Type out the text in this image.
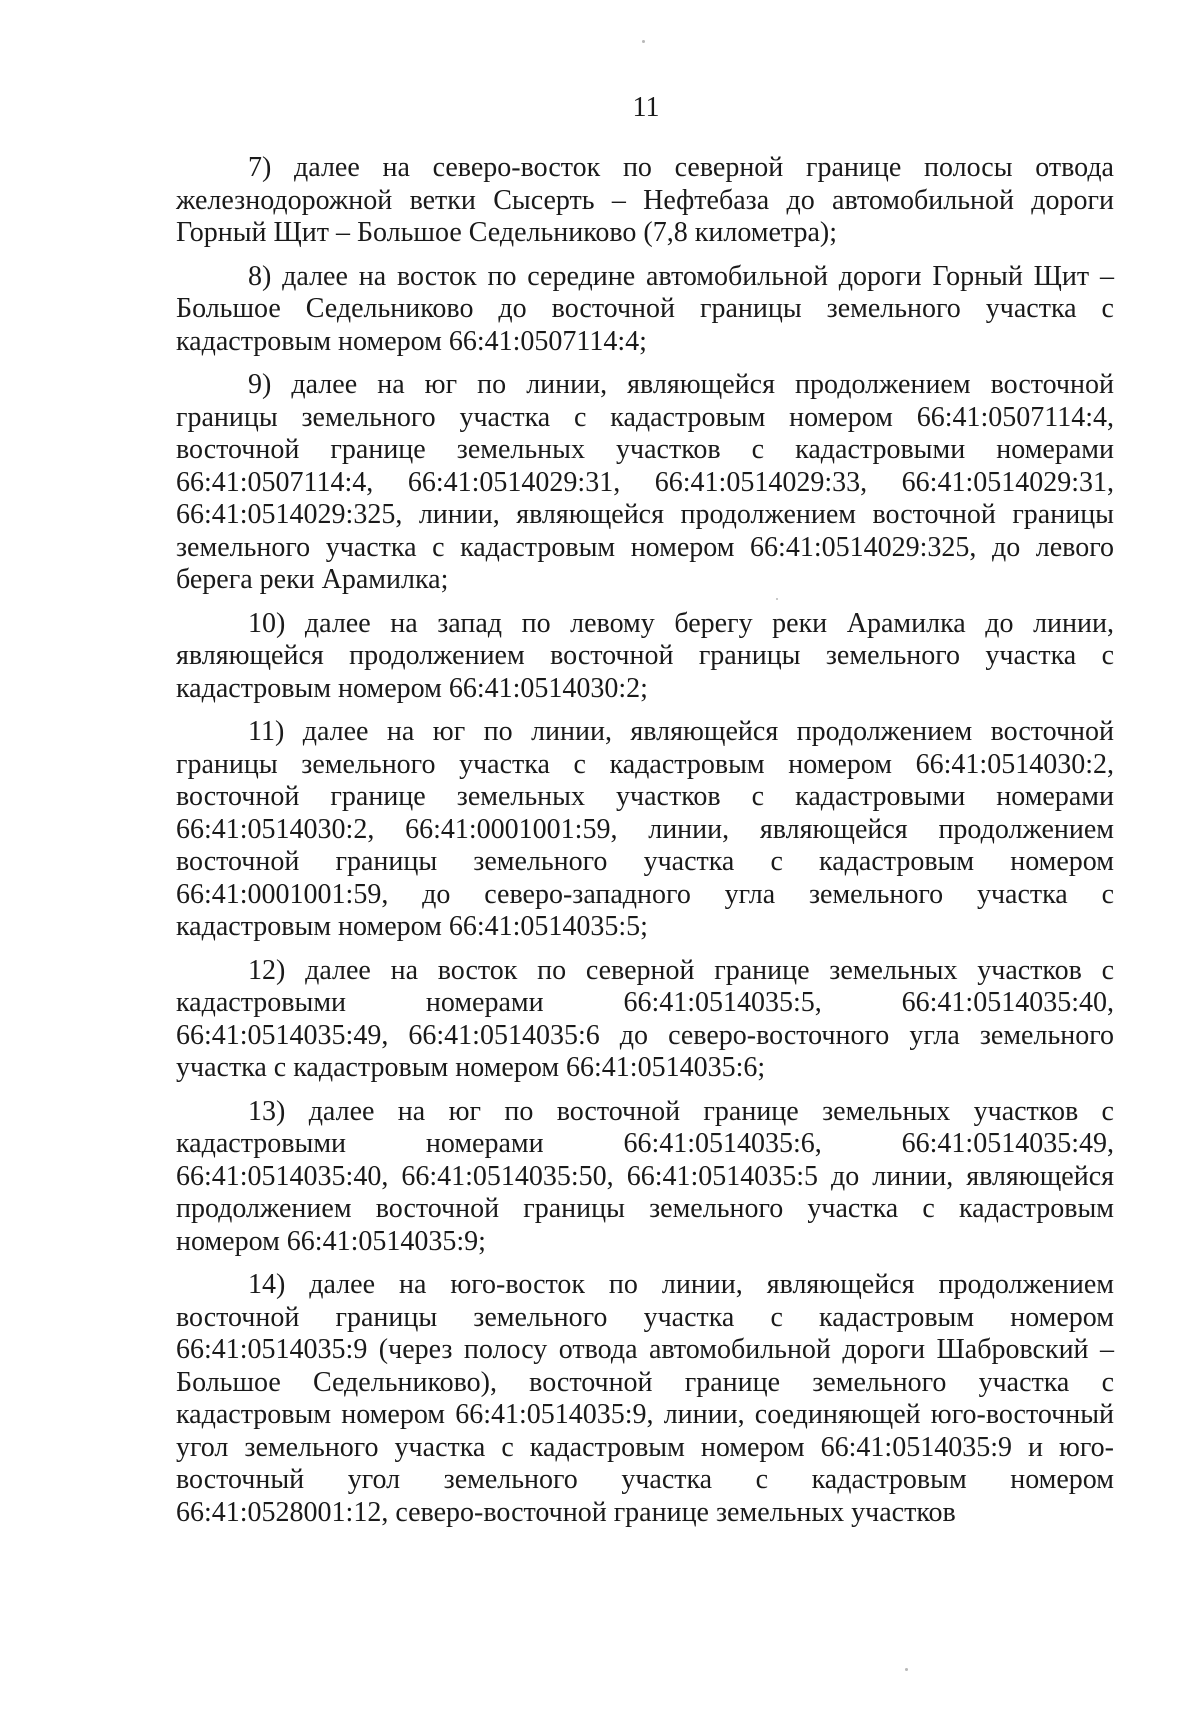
11

7) далее на северо-восток по северной границе полосы отвода железнодорожной ветки Сысерть – Нефтебаза до автомобильной дороги Горный Щит – Большое Седельниково (7,8 километра);

8) далее на восток по середине автомобильной дороги Горный Щит – Большое Седельниково до восточной границы земельного участка с кадастровым номером 66:41:0507114:4;

9) далее на юг по линии, являющейся продолжением восточной границы земельного участка с кадастровым номером 66:41:0507114:4, восточной границе земельных участков с кадастровыми номерами 66:41:0507114:4, 66:41:0514029:31, 66:41:0514029:33, 66:41:0514029:31, 66:41:0514029:325, линии, являющейся продолжением восточной границы земельного участка с кадастровым номером 66:41:0514029:325, до левого берега реки Арамилка;

10) далее на запад по левому берегу реки Арамилка до линии, являющейся продолжением восточной границы земельного участка с кадастровым номером 66:41:0514030:2;

11) далее на юг по линии, являющейся продолжением восточной границы земельного участка с кадастровым номером 66:41:0514030:2, восточной границе земельных участков с кадастровыми номерами 66:41:0514030:2, 66:41:0001001:59, линии, являющейся продолжением восточной границы земельного участка с кадастровым номером 66:41:0001001:59, до северо-западного угла земельного участка с кадастровым номером 66:41:0514035:5;

12) далее на восток по северной границе земельных участков с кадастровыми номерами 66:41:0514035:5, 66:41:0514035:40, 66:41:0514035:49, 66:41:0514035:6 до северо-восточного угла земельного участка с кадастровым номером 66:41:0514035:6;

13) далее на юг по восточной границе земельных участков с кадастровыми номерами 66:41:0514035:6, 66:41:0514035:49, 66:41:0514035:40, 66:41:0514035:50, 66:41:0514035:5 до линии, являющейся продолжением восточной границы земельного участка с кадастровым номером 66:41:0514035:9;

14) далее на юго-восток по линии, являющейся продолжением восточной границы земельного участка с кадастровым номером 66:41:0514035:9 (через полосу отвода автомобильной дороги Шабровский – Большое Седельниково), восточной границе земельного участка с кадастровым номером 66:41:0514035:9, линии, соединяющей юго-восточный угол земельного участка с кадастровым номером 66:41:0514035:9 и юго-восточный угол земельного участка с кадастровым номером 66:41:0528001:12, северо-восточной границе земельных участков
